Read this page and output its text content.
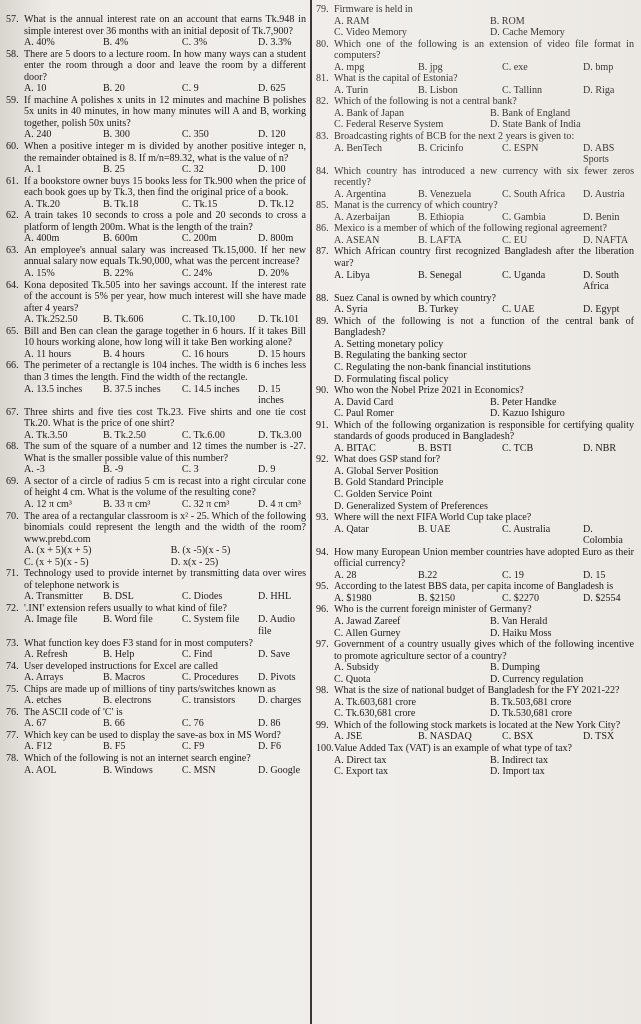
57. What is the annual interest rate on an account that earns Tk.948 in simple interest over 36 months with an initial deposit of Tk.7,900?
A. 40%	B. 4%	C. 3%	D. 3.3%
58. There are 5 doors to a lecture room. In how many ways can a student enter the room through a door and leave the room by a different door?
A. 10	B. 20	C. 9	D. 625
59. If machine A polishes x units in 12 minutes and machine B polishes 5x units in 40 minutes, in how many minutes will A and B, working together, polish 50x units?
A. 240	B. 300	C. 350	D. 120
60. When a positive integer m is divided by another positive integer n, the remainder obtained is 8. If m/n=89.32, what is the value of n?
A. 1	B. 25	C. 32	D. 100
61. If a bookstore owner buys 15 books less for Tk.900 when the price of each book goes up by Tk.3, then find the original price of a book.
A. Tk.20	B. Tk.18	C. Tk.15	D. Tk.12
62. A train takes 10 seconds to cross a pole and 20 seconds to cross a platform of length 200m. What is the length of the train?
A. 400m	B. 600m	C. 200m	D. 800m
63. An employee's annual salary was increased Tk.15,000. If her new annual salary now equals Tk.90,000, what was the percent increase?
A. 15%	B. 22%	C. 24%	D. 20%
64. Kona deposited Tk.505 into her savings account. If the interest rate of the account is 5% per year, how much interest will she have made after 4 years?
A. Tk.252.50	B. Tk.606	C. Tk.10,100	D. Tk.101
65. Bill and Ben can clean the garage together in 6 hours. If it takes Bill 10 hours working alone, how long will it take Ben working alone?
A. 11 hours	B. 4 hours	C. 16 hours	D. 15 hours
66. The perimeter of a rectangle is 104 inches. The width is 6 inches less than 3 times the length. Find the width of the rectangle.
A. 13.5 inches	B. 37.5 inches	C. 14.5 inches	D. 15 inches
67. Three shirts and five ties cost Tk.23. Five shirts and one tie cost Tk.20. What is the price of one shirt?
A. Tk.3.50	B. Tk.2.50	C. Tk.6.00	D. Tk.3.00
68. The sum of the square of a number and 12 times the number is -27. What is the smaller possible value of this number?
A. -3	B. -9	C. 3	D. 9
69. A sector of a circle of radius 5 cm is recast into a right circular cone of height 4 cm. What is the volume of the resulting cone?
A. 12 π cm³	B. 33 π cm³	C. 32 π cm³	D. 4 π cm³
70. The area of a rectangular classroom is x² - 25. Which of the following binomials could represent the length and the width of the room? www.prebd.com
A. (x + 5)(x + 5)	B. (x -5)(x - 5)
C. (x + 5)(x - 5)	D. x(x - 25)
71. Technology used to provide internet by transmitting data over wires of telephone network is
A. Transmitter	B. DSL	C. Diodes	D. HHL
72. '.INI' extension refers usually to what kind of file?
A. Image file	B. Word file	C. System file	D. Audio file
73. What function key does F3 stand for in most computers?
A. Refresh	B. Help	C. Find	D. Save
74. User developed instructions for Excel are called
A. Arrays	B. Macros	C. Procedures	D. Pivots
75. Chips are made up of millions of tiny parts/switches known as
A. etches	B. electrons	C. transistors	D. charges
76. The ASCII code of 'C' is
A. 67	B. 66	C. 76	D. 86
77. Which key can be used to display the save-as box in MS Word?
A. F12	B. F5	C. F9	D. F6
78. Which of the following is not an internet search engine?
A. AOL	B. Windows	C. MSN	D. Google
79. Firmware is held in
A. RAM	B. ROM
C. Video Memory	D. Cache Memory
80. Which one of the following is an extension of video file format in computers?
A. mpg	B. jpg	C. exe	D. bmp
81. What is the capital of Estonia?
A. Turin	B. Lisbon	C. Tallinn	D. Riga
82. Which of the following is not a central bank?
A. Bank of Japan	B. Bank of England
C. Federal Reserve System	D. State Bank of India
83. Broadcasting rights of BCB for the next 2 years is given to:
A. BenTech	B. Cricinfo	C. ESPN	D. ABS Sports
84. Which country has introduced a new currency with six fewer zeros recently?
A. Argentina	B. Venezuela	C. South Africa	D. Austria
85. Manat is the currency of which country?
A. Azerbaijan	B. Ethiopia	C. Gambia	D. Benin
86. Mexico is a member of which of the following regional agreement?
A. ASEAN	B. LAFTA	C. EU	D. NAFTA
87. Which African country first recognized Bangladesh after the liberation war?
A. Libya	B. Senegal	C. Uganda	D. South Africa
88. Suez Canal is owned by which country?
A. Syria	B. Turkey	C. UAE	D. Egypt
89. Which of the following is not a function of the central bank of Bangladesh?
A. Setting monetary policy
B. Regulating the banking sector
C. Regulating the non-bank financial institutions
D. Formulating fiscal policy
90. Who won the Nobel Prize 2021 in Economics?
A. David Card	B. Peter Handke
C. Paul Romer	D. Kazuo Ishiguro
91. Which of the following organization is responsible for certifying quality standards of goods produced in Bangladesh?
A. BITAC	B. BSTI	C. TCB	D. NBR
92. What does GSP stand for?
A. Global Server Position
B. Gold Standard Principle
C. Golden Service Point
D. Generalized System of Preferences
93. Where will the next FIFA World Cup take place?
A. Qatar	B. UAE	C. Australia	D. Colombia
94. How many European Union member countries have adopted Euro as their official currency?
A. 28	B.22	C. 19	D. 15
95. According to the latest BBS data, per capita income of Bangladesh is
A. $1980	B. $2150	C. $2270	D. $2554
96. Who is the current foreign minister of Germany?
A. Jawad Zareef	B. Van Herald
C. Allen Gurney	D. Haiku Moss
97. Government of a country usually gives which of the following incentive to promote agriculture sector of a country?
A. Subsidy	B. Dumping
C. Quota	D. Currency regulation
98. What is the size of national budget of Bangladesh for the FY 2021-22?
A. Tk.603,681 crore	B. Tk.503,681 crore
C. Tk.630,681 crore	D. Tk.530,681 crore
99. Which of the following stock markets is located at the New York City?
A. JSE	B. NASDAQ	C. BSX	D. TSX
100. Value Added Tax (VAT) is an example of what type of tax?
A. Direct tax	B. Indirect tax
C. Export tax	D. Import tax
